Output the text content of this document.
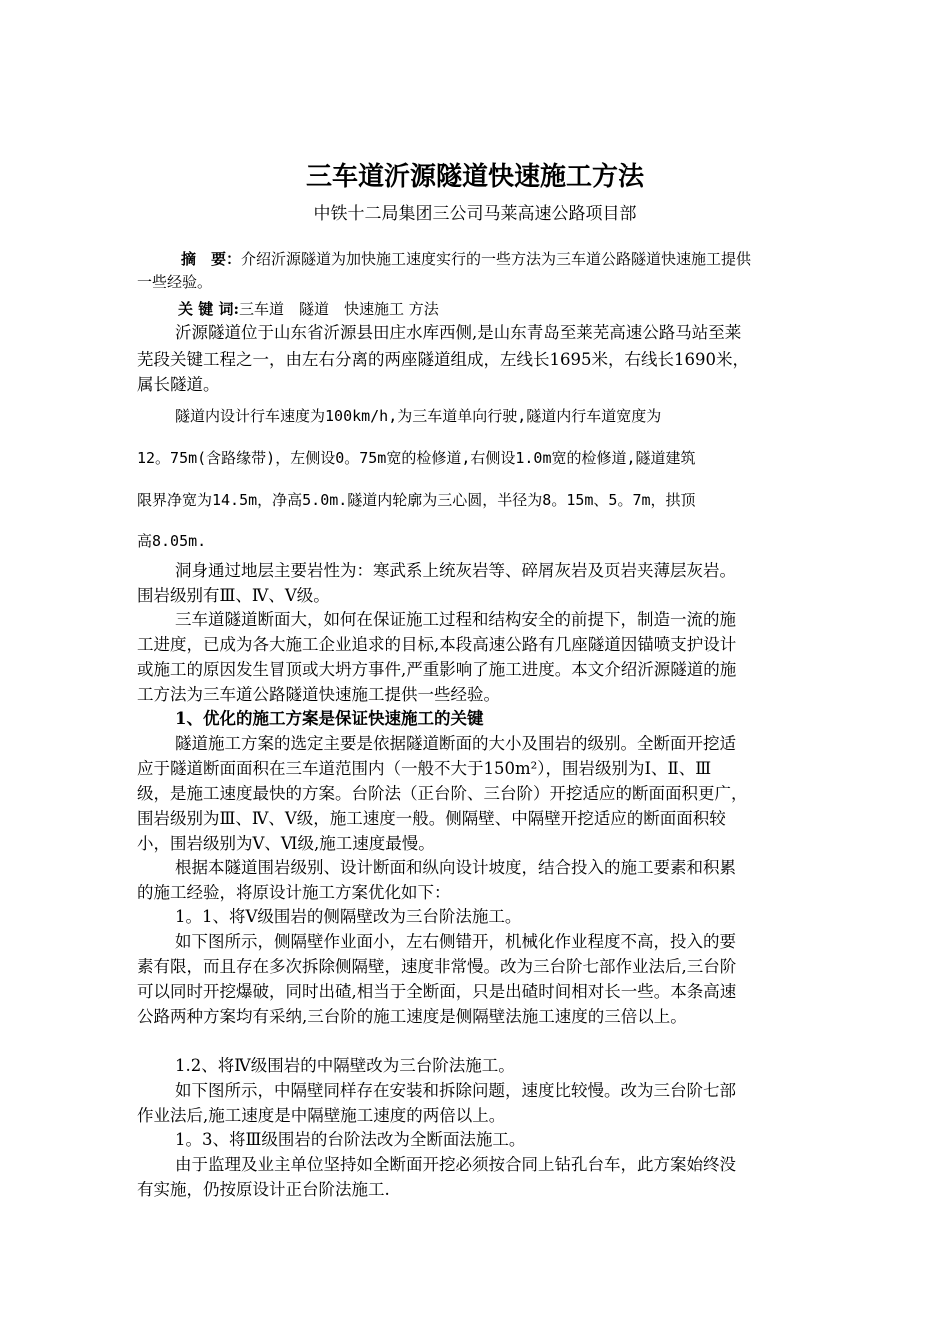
三车道沂源隧道快速施工方法

中铁十二局集团三公司马莱高速公路项目部

摘　要：介绍沂源隧道为加快施工速度实行的一些方法为三车道公路隧道快速施工提供

一些经验。

关 键 词:三车道　隧道　快速施工 方法

沂源隧道位于山东省沂源县田庄水库西侧,是山东青岛至莱芜高速公路马站至莱

芜段关键工程之一，由左右分离的两座隧道组成，左线长1695米，右线长1690米，

属长隧道。

隧道内设计行车速度为100km/h,为三车道单向行驶,隧道内行车道宽度为

12。75m(含路缘带)，左侧设0。75m宽的检修道,右侧设1.0m宽的检修道,隧道建筑

限界净宽为14.5m，净高5.0m.隧道内轮廓为三心圆，半径为8。15m、5。7m，拱顶

高8.05m.

洞身通过地层主要岩性为：寒武系上统灰岩等、碎屑灰岩及页岩夹薄层灰岩。

围岩级别有Ⅲ、Ⅳ、Ⅴ级。

三车道隧道断面大，如何在保证施工过程和结构安全的前提下，制造一流的施

工进度，已成为各大施工企业追求的目标,本段高速公路有几座隧道因锚喷支护设计

或施工的原因发生冒顶或大坍方事件,严重影响了施工进度。本文介绍沂源隧道的施

工方法为三车道公路隧道快速施工提供一些经验。

1、优化的施工方案是保证快速施工的关键

隧道施工方案的选定主要是依据隧道断面的大小及围岩的级别。全断面开挖适

应于隧道断面面积在三车道范围内（一般不大于150m²），围岩级别为Ⅰ、Ⅱ、Ⅲ

级，是施工速度最快的方案。台阶法（正台阶、三台阶）开挖适应的断面面积更广，

围岩级别为Ⅲ、Ⅳ、Ⅴ级，施工速度一般。侧隔壁、中隔壁开挖适应的断面面积较

小，围岩级别为Ⅴ、Ⅵ级,施工速度最慢。

根据本隧道围岩级别、设计断面和纵向设计坡度，结合投入的施工要素和积累

的施工经验，将原设计施工方案优化如下：

1。1、将Ⅴ级围岩的侧隔壁改为三台阶法施工。

如下图所示，侧隔壁作业面小，左右侧错开，机械化作业程度不高，投入的要

素有限，而且存在多次拆除侧隔壁，速度非常慢。改为三台阶七部作业法后,三台阶

可以同时开挖爆破，同时出碴,相当于全断面，只是出碴时间相对长一些。本条高速

公路两种方案均有采纳,三台阶的施工速度是侧隔壁法施工速度的三倍以上。

1.2、将Ⅳ级围岩的中隔壁改为三台阶法施工。

如下图所示，中隔壁同样存在安装和拆除问题，速度比较慢。改为三台阶七部

作业法后,施工速度是中隔壁施工速度的两倍以上。

1。3、将Ⅲ级围岩的台阶法改为全断面法施工。

由于监理及业主单位坚持如全断面开挖必须按合同上钻孔台车，此方案始终没

有实施，仍按原设计正台阶法施工.
